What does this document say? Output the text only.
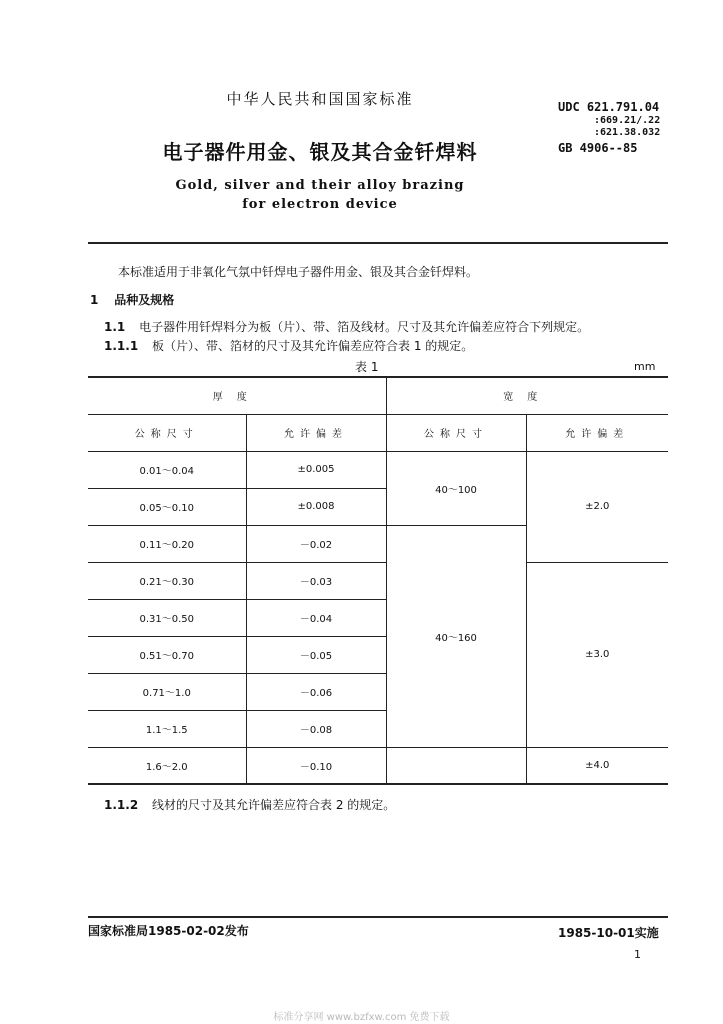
中华人民共和国国家标准
电子器件用金、银及其合金钎焊料
Gold, silver and their alloy brazing
for electron device
UDC 621.791.04
:669.21/.22
:621.38.032
GB 4906--85
本标准适用于非氧化气氛中钎焊电子器件用金、银及其合金钎焊料。
1 品种及规格
1.1 电子器件用钎焊料分为板（片）、带、箔及线材。尺寸及其允许偏差应符合下列规定。
1.1.1 板（片）、带、箔材的尺寸及其允许偏差应符合表 1 的规定。
表 1	mm
厚度		宽度	
公称尺寸	允许偏差	公称尺寸	允许偏差
0.01～0.04	±0.005	40～100	±2.0
0.05～0.10	±0.008		
0.11～0.20	－0.02	40～160	
0.21～0.30	－0.03		±3.0
0.31～0.50	－0.04		
0.51～0.70	－0.05		
0.71～1.0	－0.06		
1.1～1.5	－0.08		
1.6～2.0	－0.10		±4.0
1.1.2 线材的尺寸及其允许偏差应符合表 2 的规定。
国家标准局1985-02-02发布	1985-10-01实施
1
标准分享网 www.bzfxw.com 免费下载
